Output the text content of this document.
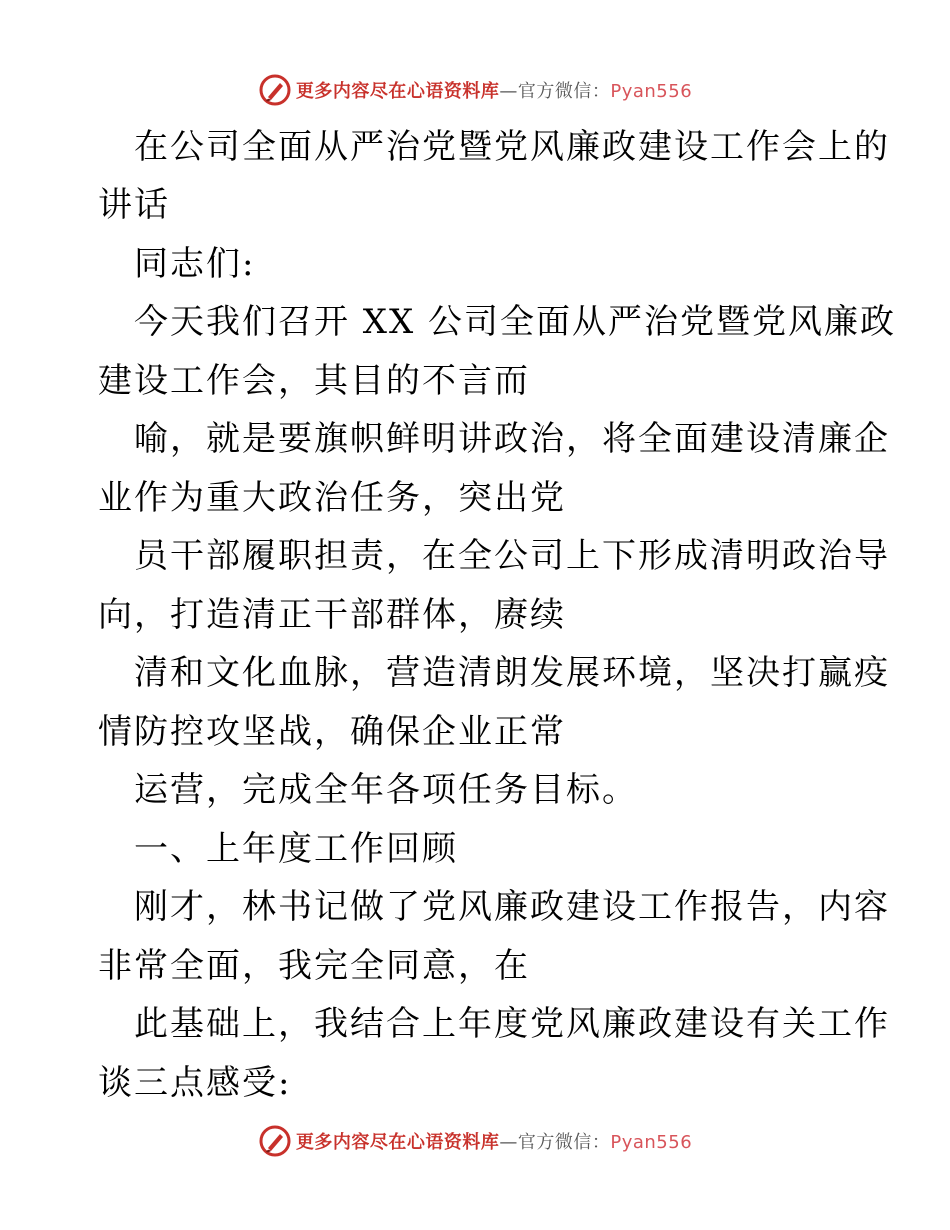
更多内容尽在心语资料库—官方微信：Pyan556
在公司全面从严治党暨党风廉政建设工作会上的
讲话
同志们:
今天我们召开 XX 公司全面从严治党暨党风廉政
建设工作会，其目的不言而
喻，就是要旗帜鲜明讲政治，将全面建设清廉企
业作为重大政治任务，突出党
员干部履职担责，在全公司上下形成清明政治导
向，打造清正干部群体，赓续
清和文化血脉，营造清朗发展环境，坚决打赢疫
情防控攻坚战，确保企业正常
运营，完成全年各项任务目标。
一、上年度工作回顾
刚才，林书记做了党风廉政建设工作报告，内容
非常全面，我完全同意，在
此基础上，我结合上年度党风廉政建设有关工作
谈三点感受:
更多内容尽在心语资料库—官方微信：Pyan556
